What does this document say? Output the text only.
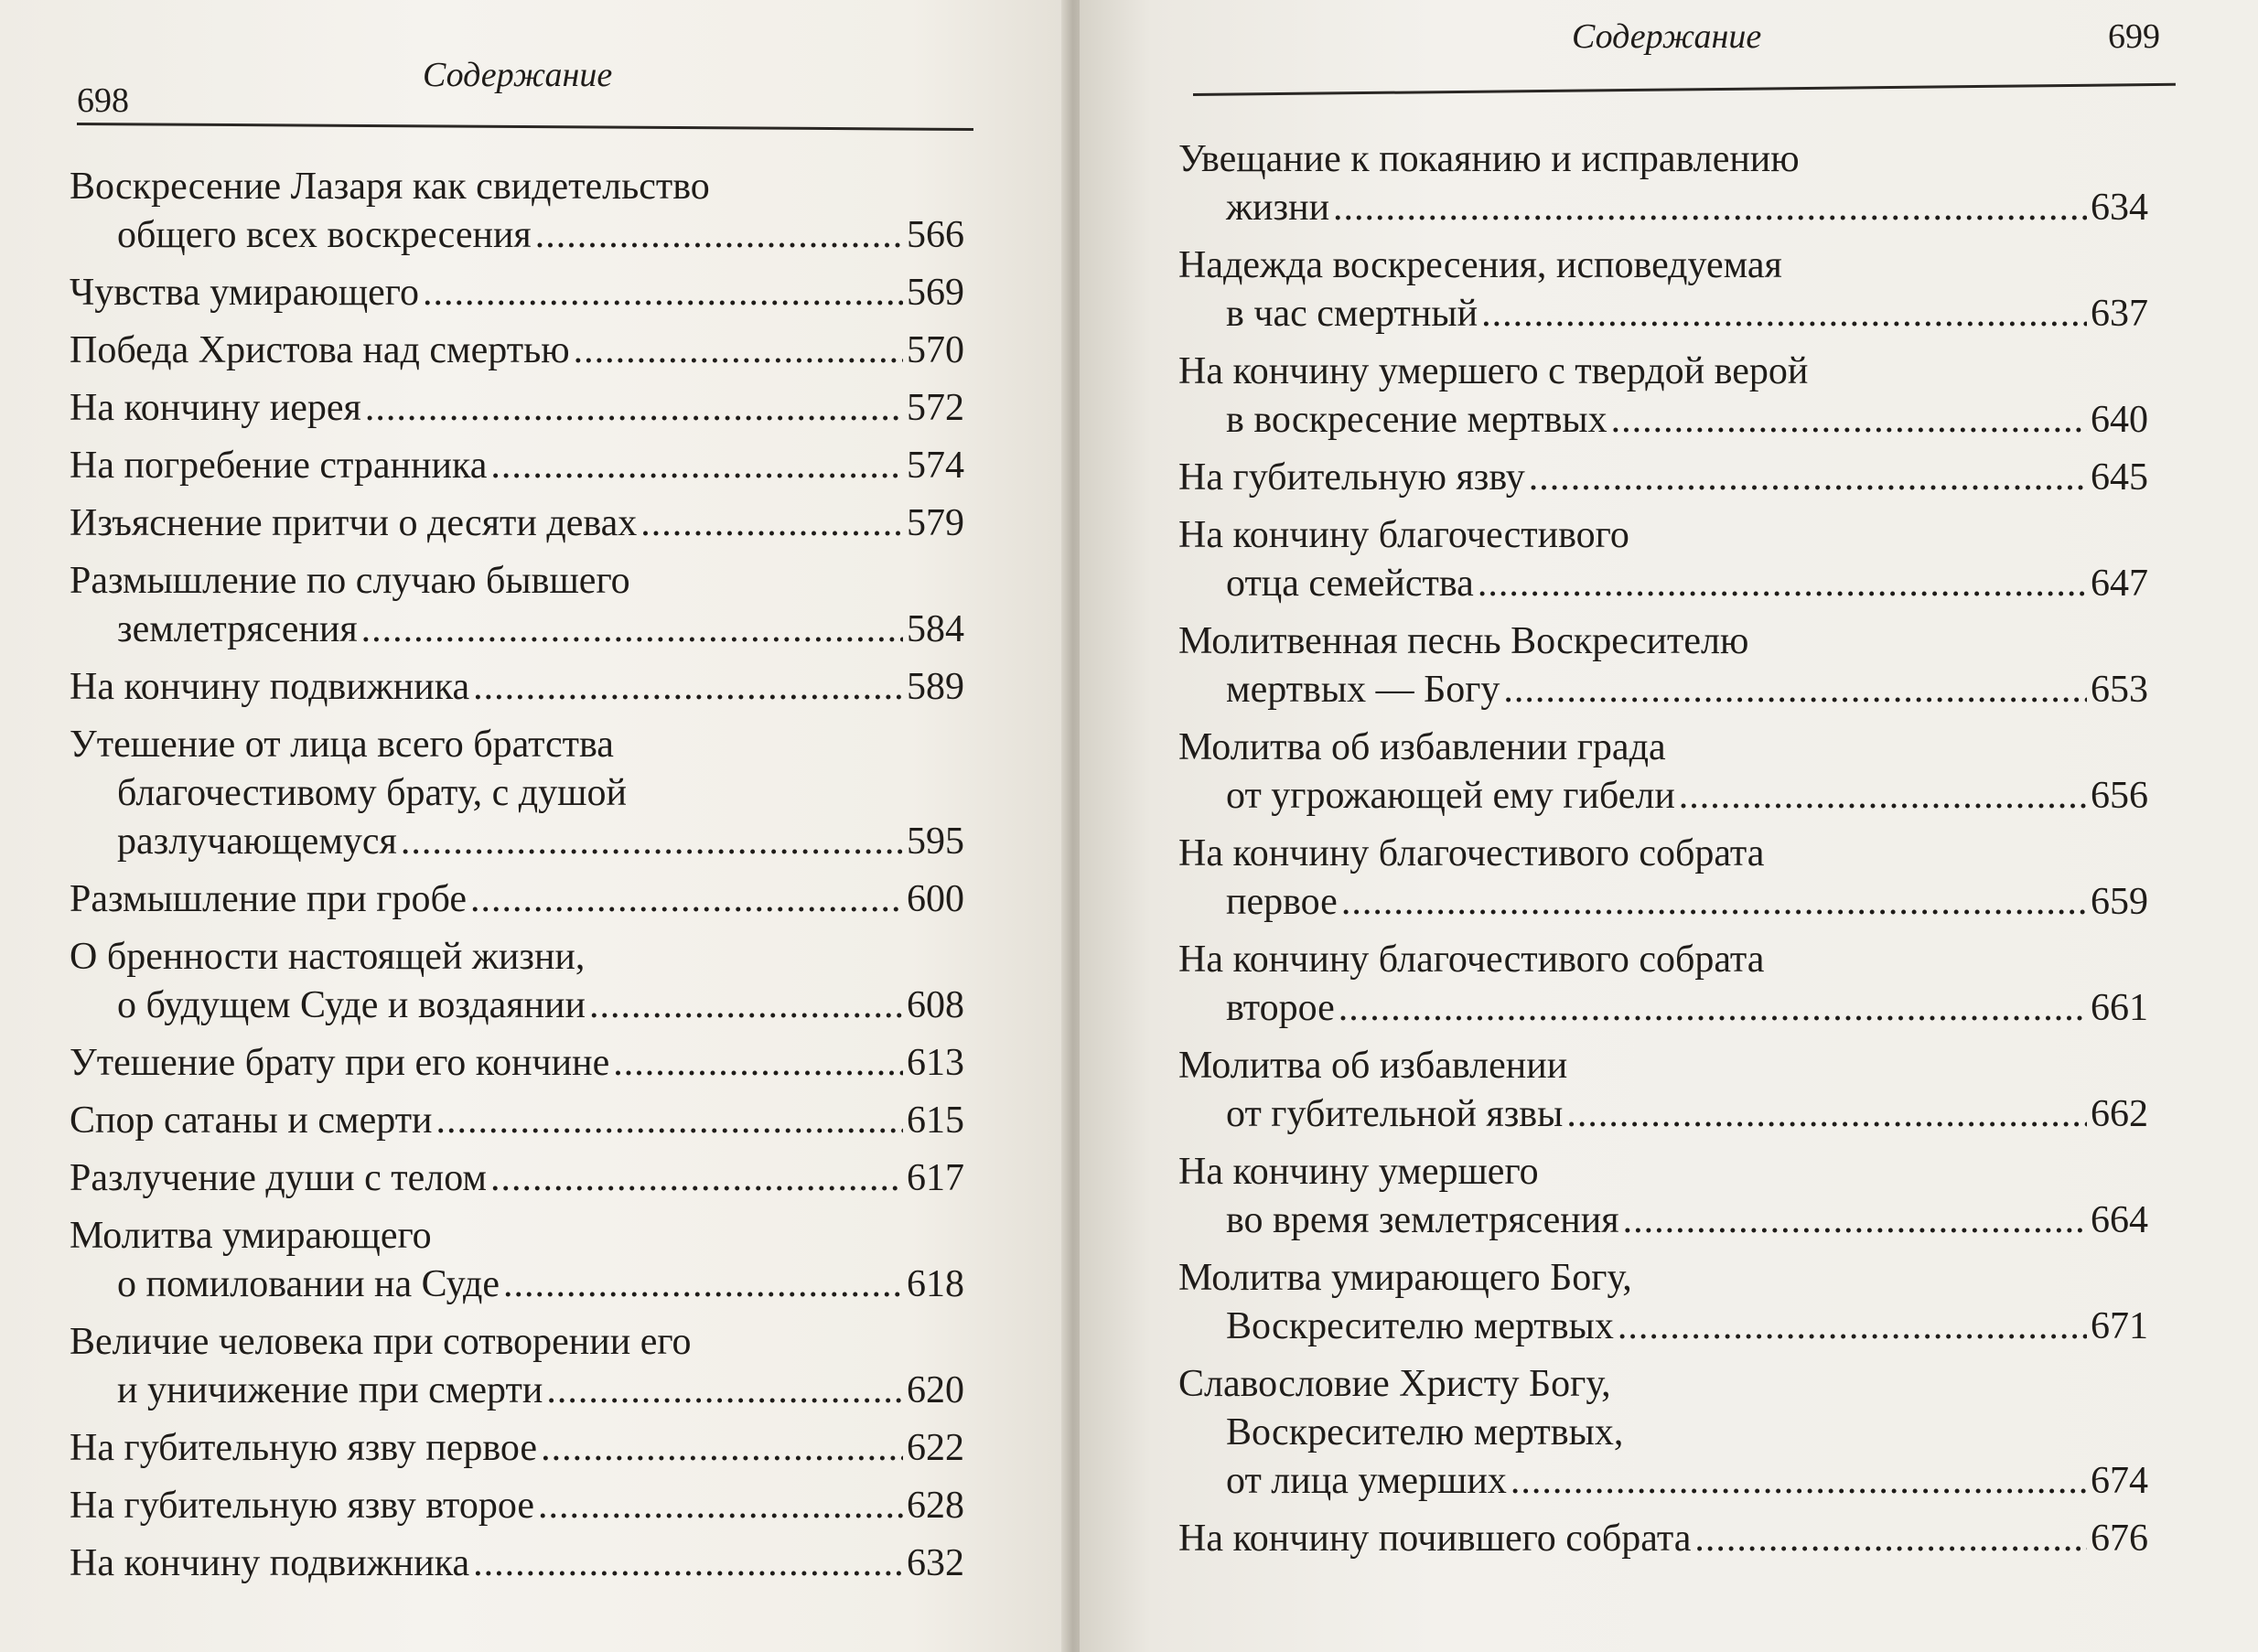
698
Содержание
Воскресение Лазаря как свидетельство
общего всех воскресения .....	566
Чувства умирающего .....	569
Победа Христова над смертью .....	570
На кончину иерея .....	572
На погребение странника .....	574
Изъяснение притчи о десяти девах .....	579
Размышление по случаю бывшего
землетрясения .....	584
На кончину подвижника .....	589
Утешение от лица всего братства
благочестивому брату, с душой
разлучающемуся .....	595
Размышление при гробе .....	600
О бренности настоящей жизни,
о будущем Суде и воздаянии .....	608
Утешение брату при его кончине .....	613
Спор сатаны и смерти .....	615
Разлучение души с телом .....	617
Молитва умирающего
о помиловании на Суде .....	618
Величие человека при сотворении его
и уничижение при смерти .....	620
На губительную язву первое .....	622
На губительную язву второе .....	628
На кончину подвижника .....	632
Содержание	699
Увещание к покаянию и исправлению
жизни .....	634
Надежда воскресения, исповедуемая
в час смертный .....	637
На кончину умершего с твердой верой
в воскресение мертвых .....	640
На губительную язву .....	645
На кончину благочестивого
отца семейства .....	647
Молитвенная песнь Воскресителю
мертвых — Богу .....	653
Молитва об избавлении града
от угрожающей ему гибели .....	656
На кончину благочестивого собрата
первое .....	659
На кончину благочестивого собрата
второе .....	661
Молитва об избавлении
от губительной язвы .....	662
На кончину умершего
во время землетрясения .....	664
Молитва умирающего Богу,
Воскресителю мертвых .....	671
Славословие Христу Богу,
Воскресителю мертвых,
от лица умерших .....	674
На кончину почившего собрата .....	676
